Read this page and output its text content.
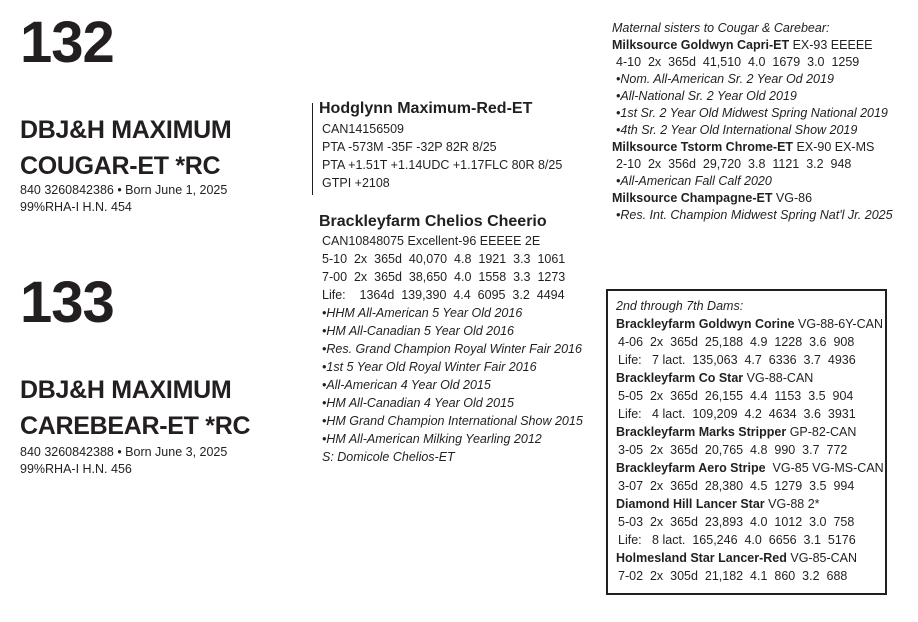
132
DBJ&H MAXIMUM
COUGAR-ET *RC
840 3260842386 • Born June 1, 2025
99%RHA-I H.N. 454
133
DBJ&H MAXIMUM
CAREBEAR-ET *RC
840 3260842388 • Born June 3, 2025
99%RHA-I H.N. 456
Hodglynn Maximum-Red-ET
CAN14156509
PTA -573M -35F -32P 82R 8/25
PTA +1.51T +1.14UDC +1.17FLC 80R 8/25
GTPI +2108
Brackleyfarm Chelios Cheerio
CAN10848075 Excellent-96 EEEEE 2E
5-10  2x  365d  40,070  4.8  1921  3.3  1061
7-00  2x  365d  38,650  4.0  1558  3.3  1273
Life:    1364d  139,390  4.4  6095  3.2  4494
•HHM All-American 5 Year Old 2016
•HM All-Canadian 5 Year Old 2016
•Res. Grand Champion Royal Winter Fair 2016
•1st 5 Year Old Royal Winter Fair 2016
•All-American 4 Year Old 2015
•HM All-Canadian 4 Year Old 2015
•HM Grand Champion International Show 2015
•HM All-American Milking Yearling 2012
S: Domicole Chelios-ET
Maternal sisters to Cougar & Carebear:
Milksource Goldwyn Capri-ET EX-93 EEEEE
4-10  2x  365d  41,510  4.0  1679  3.0  1259
•Nom. All-American Sr. 2 Year Od 2019
•All-National Sr. 2 Year Old 2019
•1st Sr. 2 Year Old Midwest Spring National 2019
•4th Sr. 2 Year Old International Show 2019
Milksource Tstorm Chrome-ET EX-90 EX-MS
2-10  2x  356d  29,720  3.8  1121  3.2  948
•All-American Fall Calf 2020
Milksource Champagne-ET VG-86
•Res. Int. Champion Midwest Spring Nat'l Jr. 2025
2nd through 7th Dams:
Brackleyfarm Goldwyn Corine VG-88-6Y-CAN
4-06  2x  365d  25,188  4.9  1228  3.6  908
Life:   7 lact.  135,063  4.7  6336  3.7  4936
Brackleyfarm Co Star VG-88-CAN
5-05  2x  365d  26,155  4.4  1153  3.5  904
Life:   4 lact.  109,209  4.2  4634  3.6  3931
Brackleyfarm Marks Stripper GP-82-CAN
3-05  2x  365d  20,765  4.8  990  3.7  772
Brackleyfarm Aero Stripe  VG-85 VG-MS-CAN
3-07  2x  365d  28,380  4.5  1279  3.5  994
Diamond Hill Lancer Star VG-88 2*
5-03  2x  365d  23,893  4.0  1012  3.0  758
Life:   8 lact.  165,246  4.0  6656  3.1  5176
Holmesland Star Lancer-Red VG-85-CAN
7-02  2x  305d  21,182  4.1  860  3.2  688
